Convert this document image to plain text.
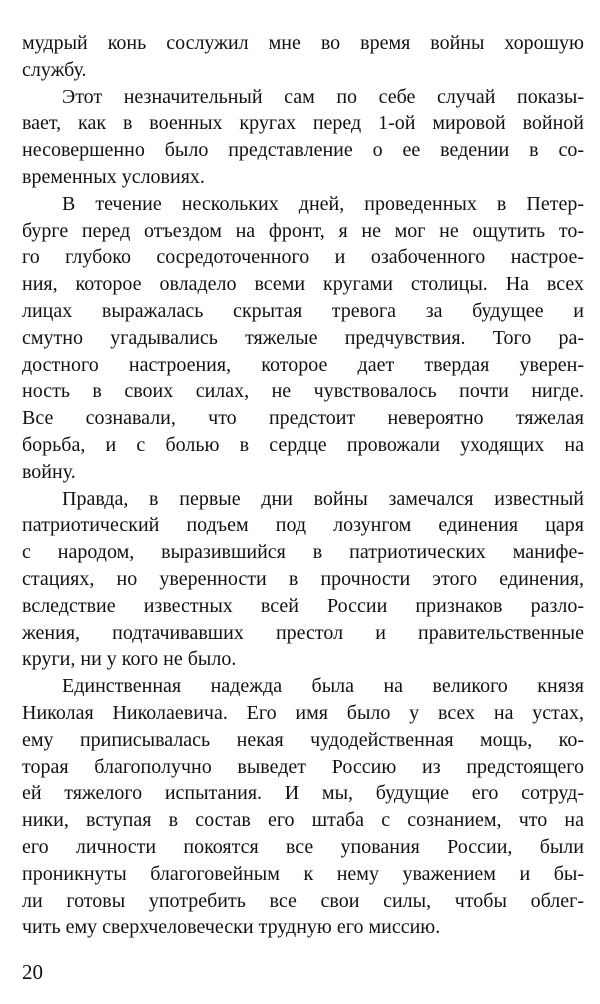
мудрый конь сослужил мне во время войны хорошую
службу.
Этот незначительный сам по себе случай показы-
вает, как в военных кругах перед 1-ой мировой войной
несовершенно было представление о ее ведении в со-
временных условиях.
В течение нескольких дней, проведенных в Петер-
бурге перед отъездом на фронт, я не мог не ощутить то-
го глубоко сосредоточенного и озабоченного настрое-
ния, которое овладело всеми кругами столицы. На всех
лицах выражалась скрытая тревога за будущее и
смутно угадывались тяжелые предчувствия. Того ра-
достного настроения, которое дает твердая уверен-
ность в своих силах, не чувствовалось почти нигде.
Все сознавали, что предстоит невероятно тяжелая
борьба, и с болью в сердце провожали уходящих на
войну.
Правда, в первые дни войны замечался известный
патриотический подъем под лозунгом единения царя
с народом, выразившийся в патриотических манифе-
стациях, но уверенности в прочности этого единения,
вследствие известных всей России признаков разло-
жения, подтачивавших престол и правительственные
круги, ни у кого не было.
Единственная надежда была на великого князя
Николая Николаевича. Его имя было у всех на устах,
ему приписывалась некая чудодейственная мощь, ко-
торая благополучно выведет Россию из предстоящего
ей тяжелого испытания. И мы, будущие его сотруд-
ники, вступая в состав его штаба с сознанием, что на
его личности покоятся все упования России, были
проникнуты благоговейным к нему уважением и бы-
ли готовы употребить все свои силы, чтобы облег-
чить ему сверхчеловечески трудную его миссию.
20
